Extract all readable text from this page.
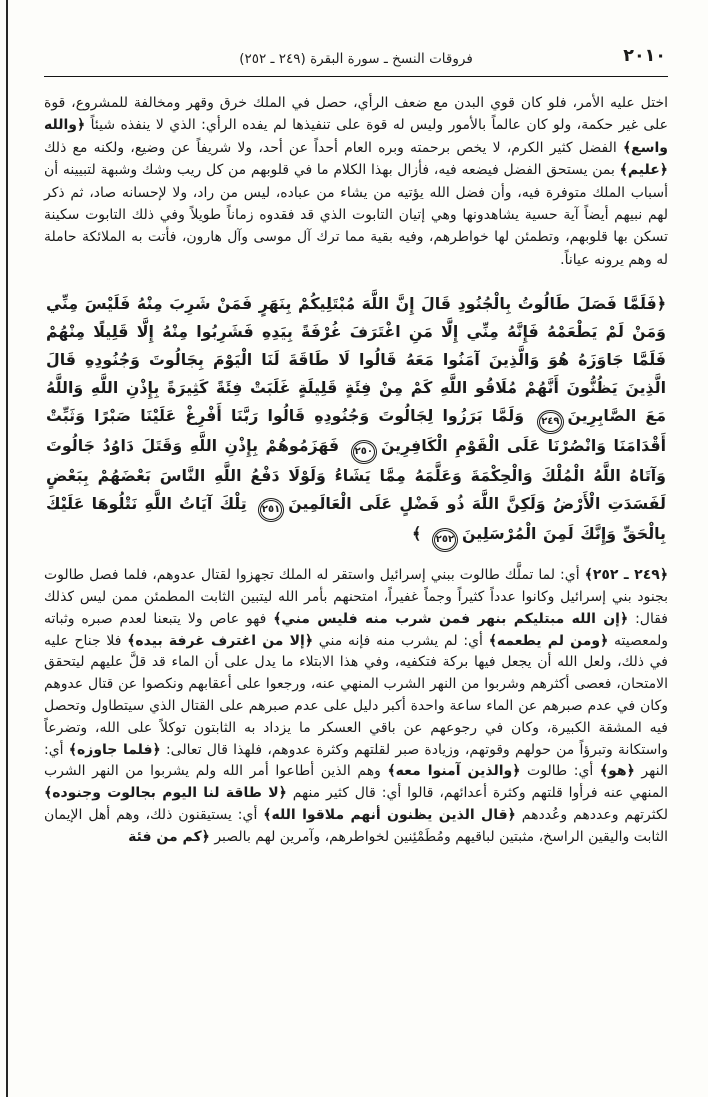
فروقات النسخ ـ سورة البقرة (٢٤٩ ـ ٢٥٢)	٢٠١٠

اختل عليه الأمر، فلو كان قوي البدن مع ضعف الرأي، حصل في الملك خرق وقهر ومخالفة للمشروع، قوة على غير حكمة، ولو كان عالماً بالأمور وليس له قوة على تنفيذها لم يفده الرأي: الذي لا ينفذه شيئاً ﴿والله واسع﴾ الفضل كثير الكرم، لا يخص برحمته وبره العام أحداً عن أحد، ولا شريفاً عن وضيع، ولكنه مع ذلك ﴿عليم﴾ بمن يستحق الفضل فيضعه فيه، فأزال بهذا الكلام ما في قلوبهم من كل ريب وشك وشبهة لتبيينه أن أسباب الملك متوفرة فيه، وأن فضل الله يؤتيه من يشاء من عباده، ليس من راد، ولا لإحسانه صاد، ثم ذكر لهم نبيهم أيضاً آية حسية يشاهدونها وهي إتيان التابوت الذي قد فقدوه زماناً طويلاً وفي ذلك التابوت سكينة تسكن بها قلوبهم، وتطمئن لها خواطرهم، وفيه بقية مما ترك آل موسى وآل هارون، فأتت به الملائكة حاملة له وهم يرونه عياناً.

﴿فَلَمَّا فَصَلَ طَالُوتُ بِالْجُنُودِ قَالَ إِنَّ اللَّهَ مُبْتَلِيكُمْ بِنَهَرٍ فَمَنْ شَرِبَ مِنْهُ فَلَيْسَ مِنِّي وَمَنْ لَمْ يَطْعَمْهُ فَإِنَّهُ مِنِّي إِلَّا مَنِ اغْتَرَفَ غُرْفَةً بِيَدِهِ فَشَرِبُوا مِنْهُ إِلَّا قَلِيلًا مِنْهُمْ فَلَمَّا جَاوَزَهُ هُوَ وَالَّذِينَ آمَنُوا مَعَهُ قَالُوا لَا طَاقَةَ لَنَا الْيَوْمَ بِجَالُوتَ وَجُنُودِهِ قَالَ الَّذِينَ يَظُنُّونَ أَنَّهُمْ مُلَاقُو اللَّهِ كَمْ مِنْ فِئَةٍ قَلِيلَةٍ غَلَبَتْ فِئَةً كَثِيرَةً بِإِذْنِ اللَّهِ وَاللَّهُ مَعَ الصَّابِرِينَ٢٤٩ وَلَمَّا بَرَزُوا لِجَالُوتَ وَجُنُودِهِ قَالُوا رَبَّنَا أَفْرِغْ عَلَيْنَا صَبْرًا وَثَبِّتْ أَقْدَامَنَا وَانْصُرْنَا عَلَى الْقَوْمِ الْكَافِرِينَ٢٥٠ فَهَزَمُوهُمْ بِإِذْنِ اللَّهِ وَقَتَلَ دَاوُدُ جَالُوتَ وَآتَاهُ اللَّهُ الْمُلْكَ وَالْحِكْمَةَ وَعَلَّمَهُ مِمَّا يَشَاءُ وَلَوْلَا دَفْعُ اللَّهِ النَّاسَ بَعْضَهُمْ بِبَعْضٍ لَفَسَدَتِ الْأَرْضُ وَلَكِنَّ اللَّهَ ذُو فَضْلٍ عَلَى الْعَالَمِينَ٢٥١ تِلْكَ آيَاتُ اللَّهِ نَتْلُوهَا عَلَيْكَ بِالْحَقِّ وَإِنَّكَ لَمِنَ الْمُرْسَلِينَ٢٥٢ ﴾

﴿٢٤٩ ـ ٢٥٢﴾ أي: لما تملَّك طالوت ببني إسرائيل واستقر له الملك تجهزوا لقتال عدوهم، فلما فصل طالوت بجنود بني إسرائيل وكانوا عدداً كثيراً وجماً غفيراً، امتحنهم بأمر الله ليتبين الثابت المطمئن ممن ليس كذلك فقال: ﴿إن الله مبتليكم بنهر فمن شرب منه فليس مني﴾ فهو عاص ولا يتبعنا لعدم صبره وثباته ولمعصيته ﴿ومن لم يطعمه﴾ أي: لم يشرب منه فإنه مني ﴿إلا من اغترف غرفة بيده﴾ فلا جناح عليه في ذلك، ولعل الله أن يجعل فيها بركة فتكفيه، وفي هذا الابتلاء ما يدل على أن الماء قد قلَّ عليهم ليتحقق الامتحان، فعصى أكثرهم وشربوا من النهر الشرب المنهي عنه، ورجعوا على أعقابهم ونكصوا عن قتال عدوهم وكان في عدم صبرهم عن الماء ساعة واحدة أكبر دليل على عدم صبرهم على القتال الذي سيتطاول وتحصل فيه المشقة الكبيرة، وكان في رجوعهم عن باقي العسكر ما يزداد به الثابتون توكلاً على الله، وتضرعاً واستكانة وتبرؤاً من حولهم وقوتهم، وزيادة صبر لقلتهم وكثرة عدوهم، فلهذا قال تعالى: ﴿فلما جاوزه﴾ أي: النهر ﴿هو﴾ أي: طالوت ﴿والذين آمنوا معه﴾ وهم الذين أطاعوا أمر الله ولم يشربوا من النهر الشرب المنهي عنه فرأوا قلتهم وكثرة أعدائهم، قالوا أي: قال كثير منهم ﴿لا طاقة لنا اليوم بجالوت وجنوده﴾ لكثرتهم وعددهم وعُددهم ﴿قال الذين يظنون أنهم ملاقوا الله﴾ أي: يستيقنون ذلك، وهم أهل الإيمان الثابت واليقين الراسخ، مثبتين لباقيهم ومُطَمْئِنين لخواطرهم، وآمرين لهم بالصبر ﴿كم من فئة
